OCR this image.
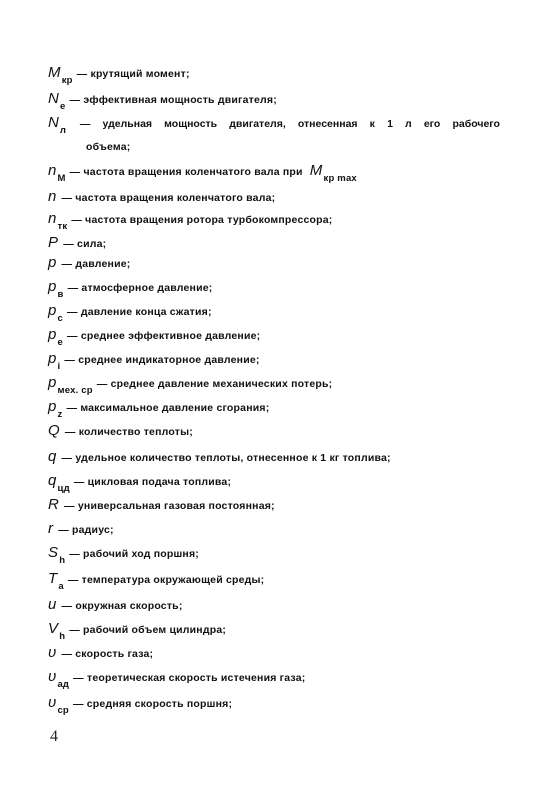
Mкр— крутящий момент;
Nе— эффективная мощность двигателя;
Nл
— удельная мощность двигателя, отнесенная к 1 л его рабочего
объема;
nM— частота вращения коленчатого вала при Mкр max
n — частота вращения коленчатого вала;
nтк— частота вращения ротора турбокомпрессора;
P — сила;
p — давление;
pв— атмосферное давление;
pс— давление конца сжатия;
pе— среднее эффективное давление;
pi— среднее индикаторное давление;
pмех. ср— среднее давление механических потерь;
pz— максимальное давление сгорания;
Q — количество теплоты;
q — удельное количество теплоты, отнесенное к 1 кг топлива;
qцд— цикловая подача топлива;
R — универсальная газовая постоянная;
r — радиус;
Sh— рабочий ход поршня;
Ta— температура окружающей среды;
u — окружная скорость;
Vh— рабочий объем цилиндра;
υ — скорость газа;
υад— теоретическая скорость истечения газа;
υср— средняя скорость поршня;
4
